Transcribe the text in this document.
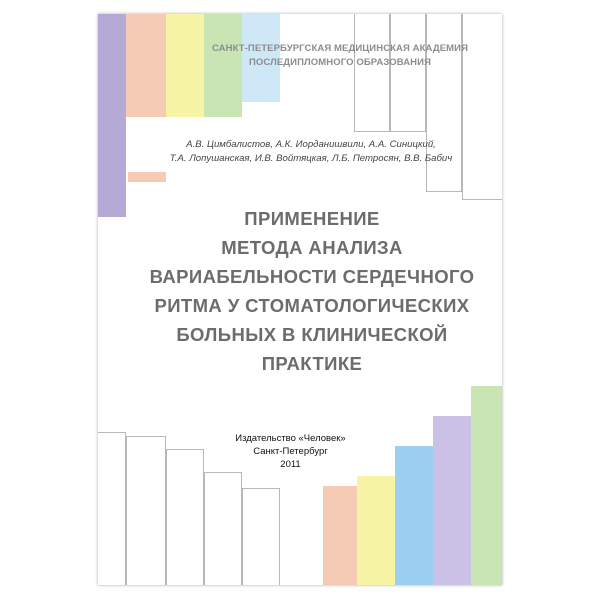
САНКТ-ПЕТЕРБУРГСКАЯ МЕДИЦИНСКАЯ АКАДЕМИЯ
ПОСЛЕДИПЛОМНОГО ОБРАЗОВАНИЯ
А.В. Цимбалистов, А.К. Иорданишвили, А.А. Синицкий,
Т.А. Лопушанская, И.В. Войтяцкая, Л.Б. Петросян, В.В. Бабич
ПРИМЕНЕНИЕ
МЕТОДА АНАЛИЗА
ВАРИАБЕЛЬНОСТИ СЕРДЕЧНОГО
РИТМА У СТОМАТОЛОГИЧЕСКИХ
БОЛЬНЫХ В КЛИНИЧЕСКОЙ
ПРАКТИКЕ
Издательство «Человек»
Санкт-Петербург
2011
